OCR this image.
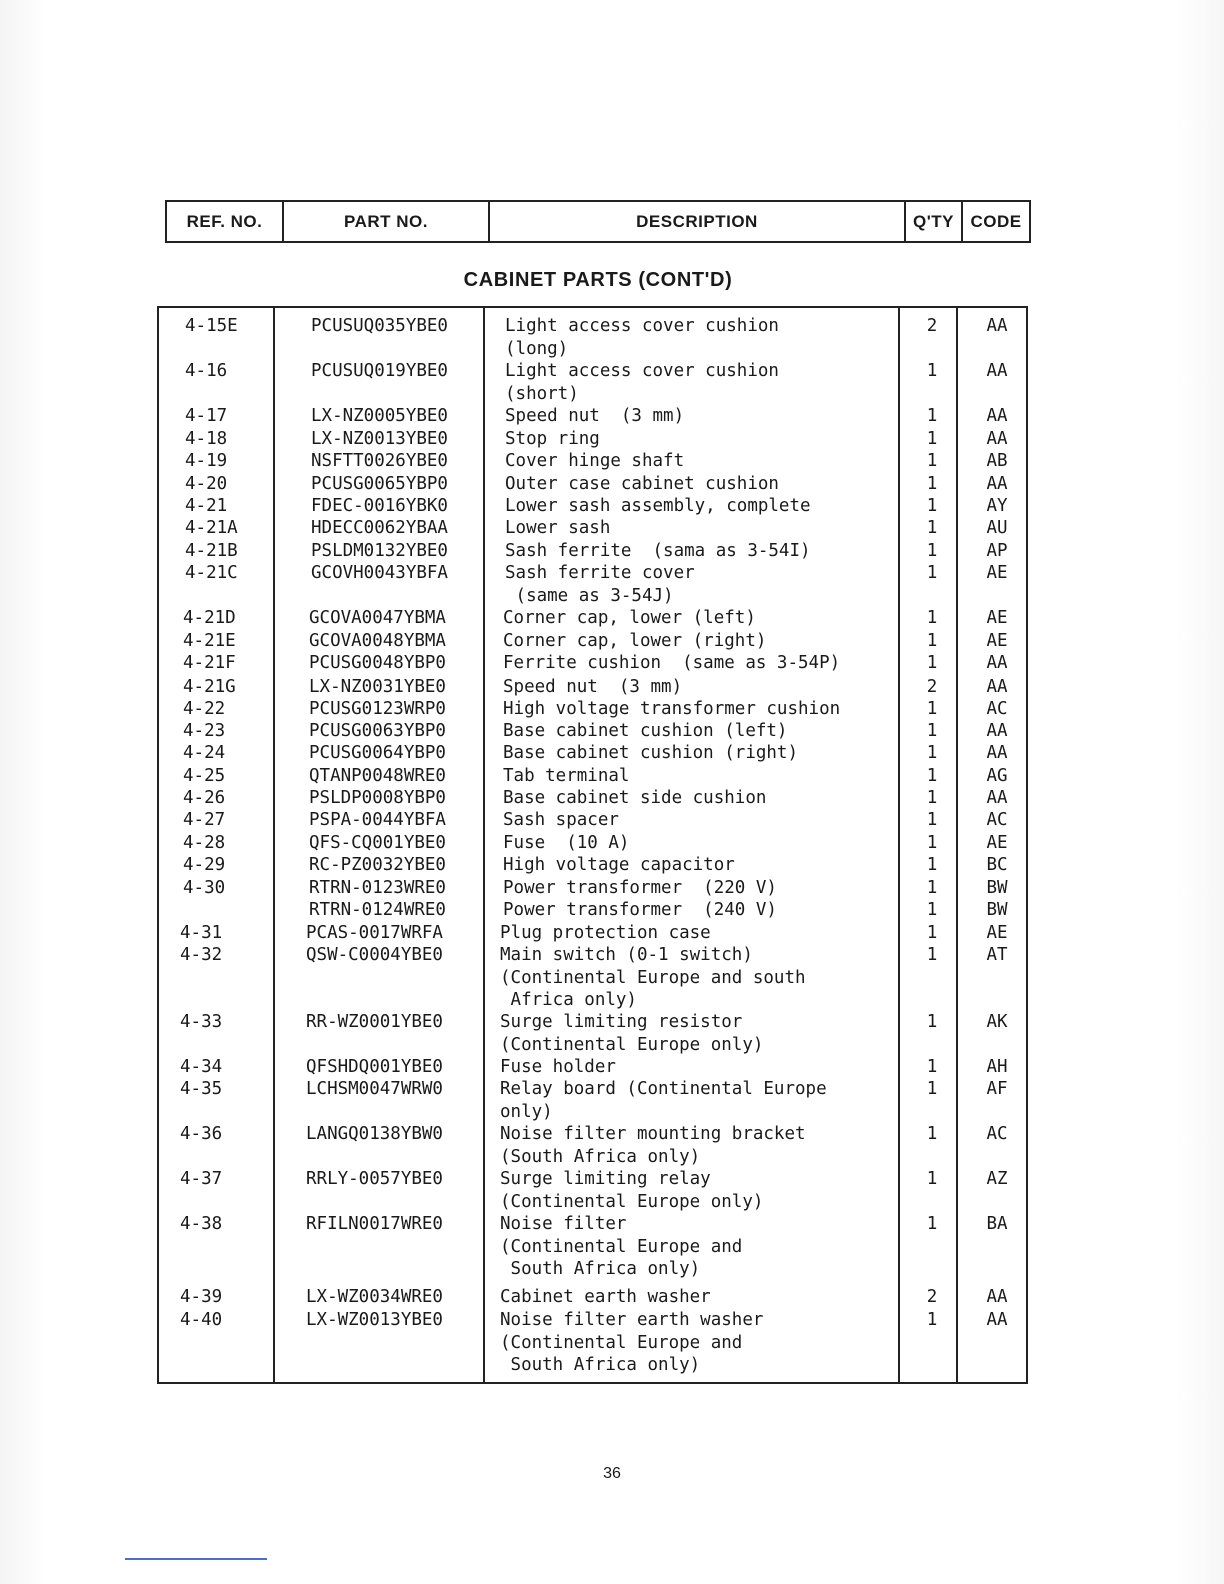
REF. NO.	PART NO.	DESCRIPTION	Q'TY CODE
CABINET PARTS (CONT'D)
4-15E	PCUSUQ035YBE0	Light access cover cushion
(long)
2	AA
4-16	PCUSUQ019YBE0	Light access cover cushion
(short)
1	AA
4-17	LX-NZ0005YBE0	Speed nut  (3 mm)	1	AA
4-18	LX-NZ0013YBE0	Stop ring	1	AA
4-19	NSFTT0026YBE0	Cover hinge shaft	1	AB
4-20	PCUSG0065YBP0	Outer case cabinet cushion	1	AA
4-21	FDEC-0016YBK0	Lower sash assembly, complete	1	AY
4-21A	HDECC0062YBAA	Lower sash	1	AU
4-21B	PSLDM0132YBE0	Sash ferrite  (sama as 3-54I)	1	AP
4-21C	GCOVH0043YBFA	Sash ferrite cover
(same as 3-54J)
1	AE
4-21D	GCOVA0047YBMA	Corner cap, lower (left)	1	AE
4-21E	GCOVA0048YBMA	Corner cap, lower (right)	1	AE
4-21F	PCUSG0048YBP0	Ferrite cushion  (same as 3-54P)	1	AA
4-21G	LX-NZ0031YBE0	Speed nut  (3 mm)	2	AA
4-22	PCUSG0123WRP0	High voltage transformer cushion	1	AC
4-23	PCUSG0063YBP0	Base cabinet cushion (left)	1	AA
4-24	PCUSG0064YBP0	Base cabinet cushion (right)	1	AA
4-25	QTANP0048WRE0	Tab terminal	1	AG
4-26	PSLDP0008YBP0	Base cabinet side cushion	1	AA
4-27	PSPA-0044YBFA	Sash spacer	1	AC
4-28	QFS-CQ001YBE0	Fuse  (10 A)	1	AE
4-29	RC-PZ0032YBE0	High voltage capacitor	1	BC
4-30	RTRN-0123WRE0	Power transformer  (220 V)	1	BW
RTRN-0124WRE0	Power transformer  (240 V)	1	BW
4-31	PCAS-0017WRFA	Plug protection case	1	AE
4-32	QSW-C0004YBE0	Main switch (0-1 switch)
(Continental Europe and south
Africa only)
1	AT
4-33	RR-WZ0001YBE0	Surge limiting resistor
(Continental Europe only)
1	AK
4-34	QFSHDQ001YBE0	Fuse holder	1	AH
4-35	LCHSM0047WRW0	Relay board (Continental Europe
only)
1	AF
4-36	LANGQ0138YBW0	Noise filter mounting bracket
(South Africa only)
1	AC
4-37	RRLY-0057YBE0	Surge limiting relay
(Continental Europe only)
1	AZ
4-38	RFILN0017WRE0	Noise filter
(Continental Europe and
South Africa only)
1	BA
4-39	LX-WZ0034WRE0	Cabinet earth washer	2	AA
4-40	LX-WZ0013YBE0	Noise filter earth washer
(Continental Europe and
South Africa only)
1	AA
36
